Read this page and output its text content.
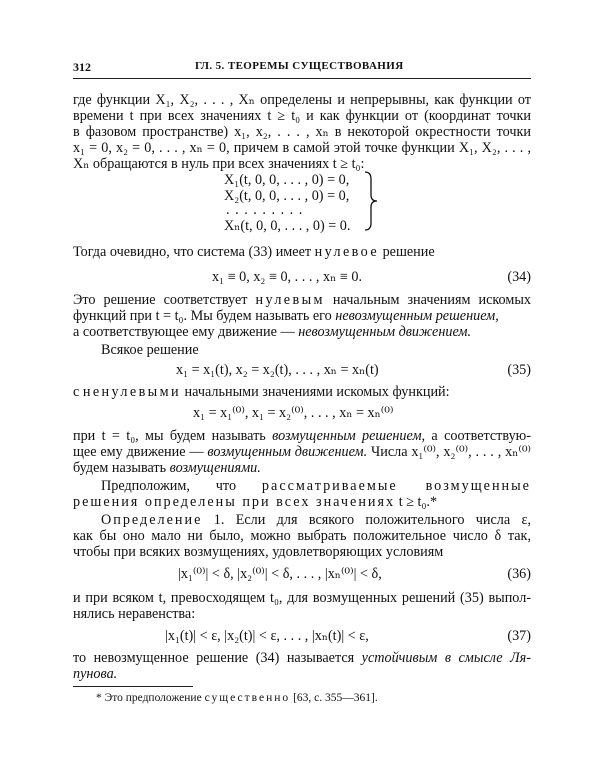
312	ГЛ. 5. ТЕОРЕМЫ СУЩЕСТВОВАНИЯ
где функции X₁, X₂, . . . , Xₙ определены и непрерывны, как функции от
времени t при всех значениях t ≥ t₀ и как функции от (координат точки
в фазовом пространстве) x₁, x₂, . . . , xₙ в некоторой окрестности точки
x₁ = 0, x₂ = 0, . . . , xₙ = 0, причем в самой этой точке функции X₁, X₂, . . . ,
Xₙ обращаются в нуль при всех значениях t ≥ t₀:
X₁(t, 0, 0, . . . , 0) = 0,
X₂(t, 0, 0, . . . , 0) = 0,
. . . . . . . . .
Xₙ(t, 0, 0, . . . , 0) = 0.
Тогда очевидно, что система (33) имеет нулевое решение
x₁ ≡ 0, x₂ ≡ 0, . . . , xₙ ≡ 0.	(34)
Это решение соответствует нулевым начальным значениям искомых
функций при t = t₀. Мы будем называть его невозмущенным решением,
а соответствующее ему движение — невозмущенным движением.
Всякое решение
x₁ = x₁(t), x₂ = x₂(t), . . . , xₙ = xₙ(t)	(35)
с ненулевыми начальными значениями искомых функций:
x₁ = x₁⁽⁰⁾, x₁ = x₂⁽⁰⁾, . . . , xₙ = xₙ⁽⁰⁾
при t = t₀, мы будем называть возмущенным решением, а соответствую-
щее ему движение — возмущенным движением. Числа x₁⁽⁰⁾, x₂⁽⁰⁾, . . . , xₙ⁽⁰⁾
будем называть возмущениями.
Предположим, что рассматриваемые возмущенные
решения определены при всех значениях t ≥ t₀.*
Определение 1. Если для всякого положительного числа ε,
как бы оно мало ни было, можно выбрать положительное число δ так,
чтобы при всяких возмущениях, удовлетворяющих условиям
|x₁⁽⁰⁾| < δ, |x₂⁽⁰⁾| < δ, . . . , |xₙ⁽⁰⁾| < δ,	(36)
и при всяком t, превосходящем t₀, для возмущенных решений (35) выпол-
нялись неравенства:
|x₁(t)| < ε, |x₂(t)| < ε, . . . , |xₙ(t)| < ε,	(37)
то невозмущенное решение (34) называется устойчивым в смысле Ля-
пунова.
* Это предположение существенно [63, с. 355—361].
